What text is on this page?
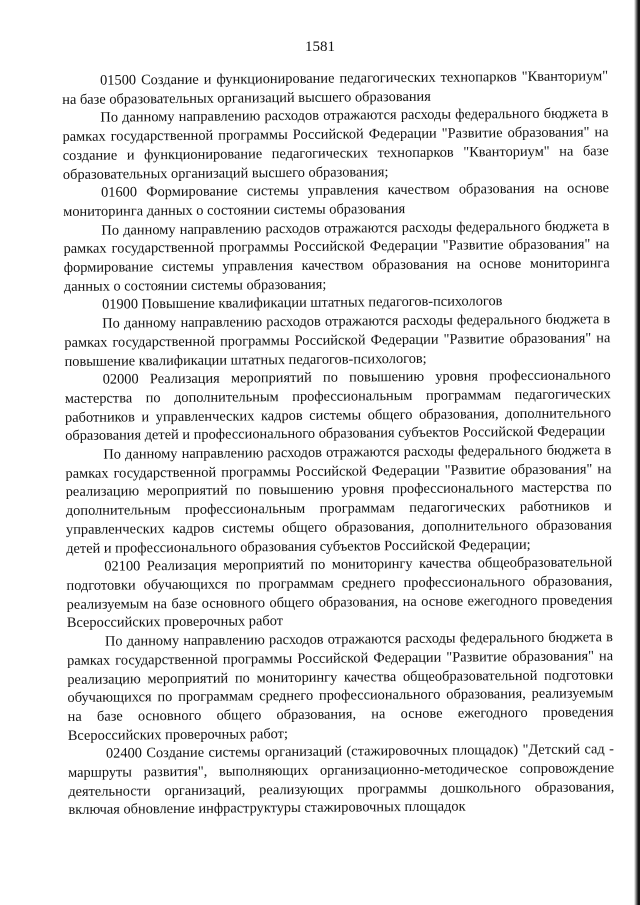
1581

01500 Создание и функционирование педагогических технопарков "Кванториум" на базе образовательных организаций высшего образования

По данному направлению расходов отражаются расходы федерального бюджета в рамках государственной программы Российской Федерации "Развитие образования" на создание и функционирование педагогических технопарков "Кванториум" на базе образовательных организаций высшего образования;

01600 Формирование системы управления качеством образования на основе мониторинга данных о состоянии системы образования

По данному направлению расходов отражаются расходы федерального бюджета в рамках государственной программы Российской Федерации "Развитие образования" на формирование системы управления качеством образования на основе мониторинга данных о состоянии системы образования;

01900 Повышение квалификации штатных педагогов-психологов

По данному направлению расходов отражаются расходы федерального бюджета в рамках государственной программы Российской Федерации "Развитие образования" на повышение квалификации штатных педагогов-психологов;

02000 Реализация мероприятий по повышению уровня профессионального мастерства по дополнительным профессиональным программам педагогических работников и управленческих кадров системы общего образования, дополнительного образования детей и профессионального образования субъектов Российской Федерации

По данному направлению расходов отражаются расходы федерального бюджета в рамках государственной программы Российской Федерации "Развитие образования" на реализацию мероприятий по повышению уровня профессионального мастерства по дополнительным профессиональным программам педагогических работников и управленческих кадров системы общего образования, дополнительного образования детей и профессионального образования субъектов Российской Федерации;

02100 Реализация мероприятий по мониторингу качества общеобразовательной подготовки обучающихся по программам среднего профессионального образования, реализуемым на базе основного общего образования, на основе ежегодного проведения Всероссийских проверочных работ

По данному направлению расходов отражаются расходы федерального бюджета в рамках государственной программы Российской Федерации "Развитие образования" на реализацию мероприятий по мониторингу качества общеобразовательной подготовки обучающихся по программам среднего профессионального образования, реализуемым на базе основного общего образования, на основе ежегодного проведения Всероссийских проверочных работ;

02400 Создание системы организаций (стажировочных площадок) "Детский сад - маршруты развития", выполняющих организационно-методическое сопровождение деятельности организаций, реализующих программы дошкольного образования, включая обновление инфраструктуры стажировочных площадок
